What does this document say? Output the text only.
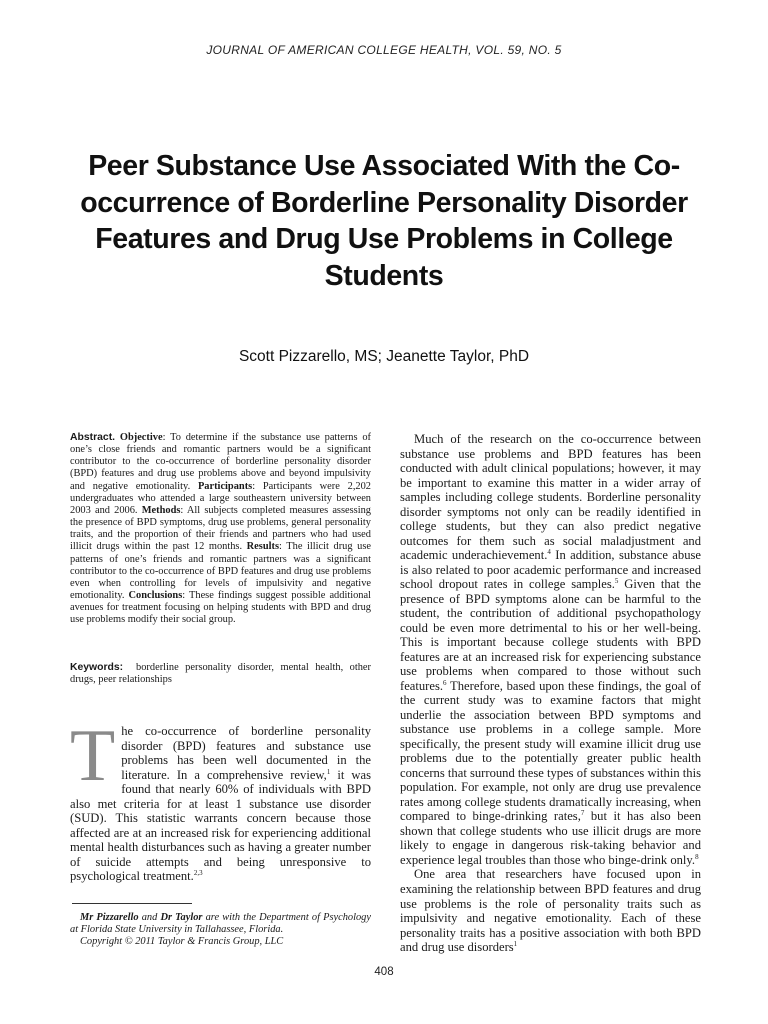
JOURNAL OF AMERICAN COLLEGE HEALTH, VOL. 59, NO. 5
Peer Substance Use Associated With the Co-occurrence of Borderline Personality Disorder Features and Drug Use Problems in College Students
Scott Pizzarello, MS; Jeanette Taylor, PhD
Abstract. Objective: To determine if the substance use patterns of one’s close friends and romantic partners would be a significant contributor to the co-occurrence of borderline personality disorder (BPD) features and drug use problems above and beyond impulsivity and negative emotionality. Participants: Participants were 2,202 undergraduates who attended a large southeastern university between 2003 and 2006. Methods: All subjects completed measures assessing the presence of BPD symptoms, drug use problems, general personality traits, and the proportion of their friends and partners who had used illicit drugs within the past 12 months. Results: The illicit drug use patterns of one’s friends and romantic partners was a significant contributor to the co-occurrence of BPD features and drug use problems even when controlling for levels of impulsivity and negative emotionality. Conclusions: These findings suggest possible additional avenues for treatment focusing on helping students with BPD and drug use problems modify their social group.
Keywords: borderline personality disorder, mental health, other drugs, peer relationships
The co-occurrence of borderline personality disorder (BPD) features and substance use problems has been well documented in the literature. In a comprehensive review,$^1$ it was found that nearly 60% of individuals with BPD also met criteria for at least 1 substance use disorder (SUD). This statistic warrants concern because those affected are at an increased risk for experiencing additional mental health disturbances such as having a greater number of suicide attempts and being unresponsive to psychological treatment.$^{2,3}$

Much of the research on the co-occurrence between substance use problems and BPD features has been conducted with adult clinical populations; however, it may be important to examine this matter in a wider array of samples including college students. Borderline personality disorder symptoms not only can be readily identified in college students, but they can also predict negative outcomes for them such as social maladjustment and academic underachievement.$^4$ In addition, substance abuse is also related to poor academic performance and increased school dropout rates in college samples.$^5$ Given that the presence of BPD symptoms alone can be harmful to the student, the contribution of additional psychopathology could be even more detrimental to his or her well-being. This is important because college students with BPD features are at an increased risk for experiencing substance use problems when compared to those without such features.$^6$ Therefore, based upon these findings, the goal of the current study was to examine factors that might underlie the association between BPD symptoms and substance use problems in a college sample. More specifically, the present study will examine illicit drug use problems due to the potentially greater public health concerns that surround these types of substances within this population. For example, not only are drug use prevalence rates among college students dramatically increasing, when compared to binge-drinking rates,$^7$ but it has also been shown that college students who use illicit drugs are more likely to engage in dangerous risk-taking behavior and experience legal troubles than those who binge-drink only.$^8$

One area that researchers have focused upon in examining the relationship between BPD features and drug use problems is the role of personality traits such as impulsivity and negative emotionality. Each of these personality traits has a positive association with both BPD and drug use disorders$^1$

Mr Pizzarello and Dr Taylor are with the Department of Psychology at Florida State University in Tallahassee, Florida.
Copyright © 2011 Taylor & Francis Group, LLC
408
